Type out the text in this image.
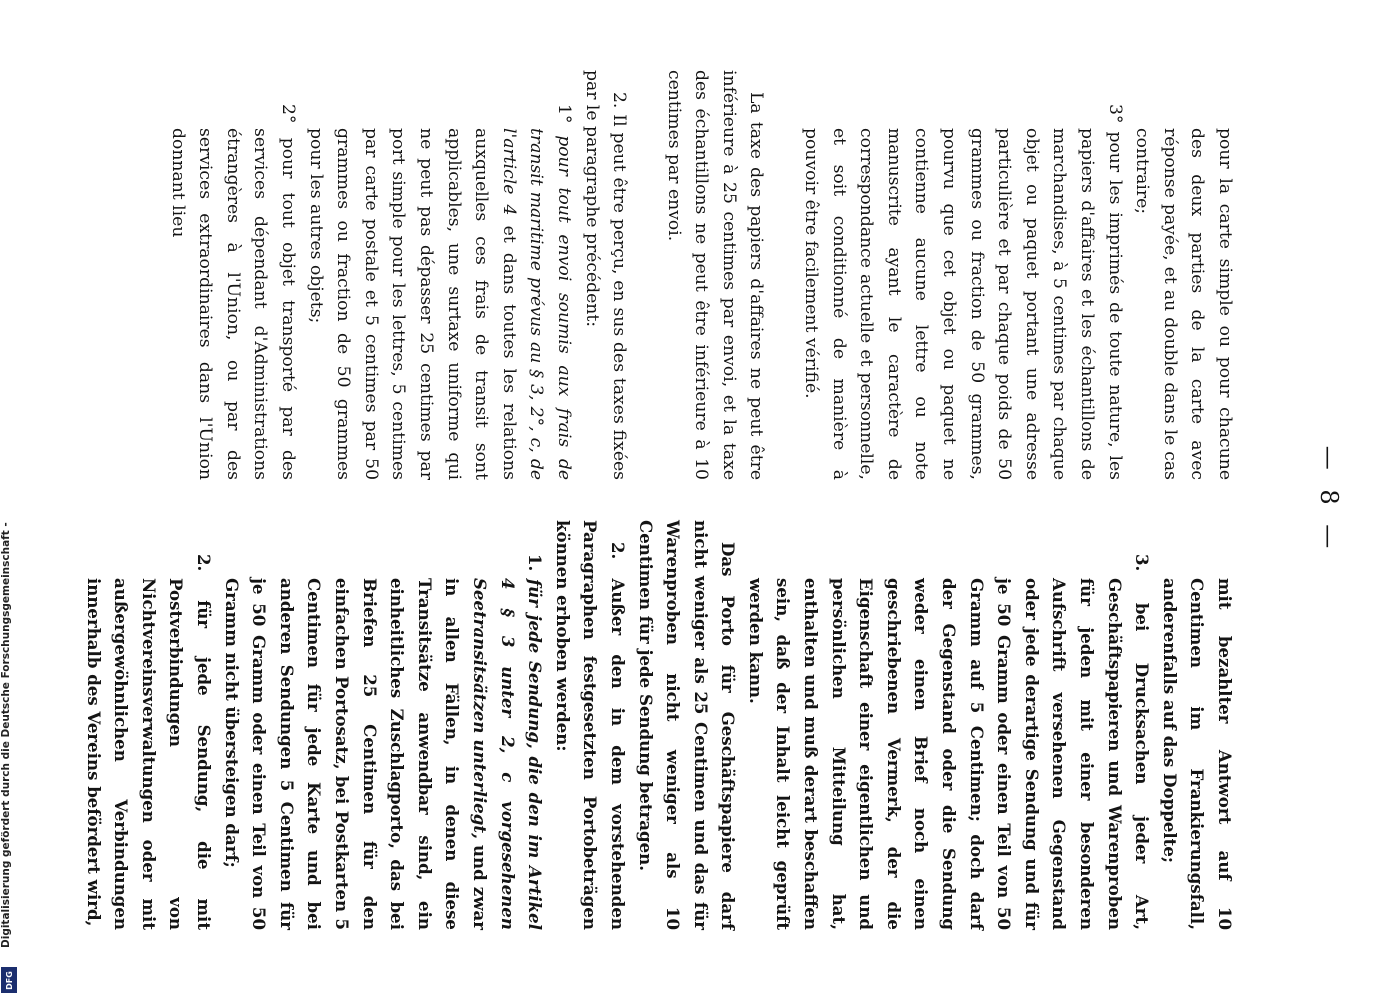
— 8 —

pour la carte simple ou pour chacune des deux parties de la carte avec réponse payée, et au double dans le cas contraire;

3° pour les imprimés de toute nature, les papiers d'affaires et les échantillons de marchandises, à 5 centimes par chaque objet ou paquet portant une adresse particulière et par chaque poids de 50 grammes ou fraction de 50 grammes, pourvu que cet objet ou paquet ne contienne aucune lettre ou note manuscrite ayant le caractère de correspondance actuelle et personnelle, et soit conditionné de manière à pouvoir être facilement vérifié.

La taxe des papiers d'affaires ne peut être inférieure à 25 centimes par envoi, et la taxe des échantillons ne peut être inférieure à 10 centimes par envoi.

2. Il peut être perçu, en sus des taxes fixées par le paragraphe précédent:

1° pour tout envoi soumis aux frais de transit maritime prévus au § 3, 2°, c, de l'article 4 et dans toutes les relations auxquelles ces frais de transit sont applicables, une surtaxe uniforme qui ne peut pas dépasser 25 centimes par port simple pour les lettres, 5 centimes par carte postale et 5 centimes par 50 grammes ou fraction de 50 grammes pour les autres objets;

2° pour tout objet transporté par des services dépendant d'Administrations étrangères à l'Union, ou par des services extraordinaires dans l'Union donnant lieu

mit bezahlter Antwort auf 10 Centimen im Frankierungsfall, anderenfalls auf das Doppelte;

3. bei Drucksachen jeder Art, Geschäftspapieren und Warenproben für jeden mit einer besonderen Aufschrift versehenen Gegenstand oder jede derartige Sendung und für je 50 Gramm oder einen Teil von 50 Gramm auf 5 Centimen; doch darf der Gegenstand oder die Sendung weder einen Brief noch einen geschriebenen Vermerk, der die Eigenschaft einer eigentlichen und persönlichen Mitteilung hat, enthalten und muß derart beschaffen sein, daß der Inhalt leicht geprüft werden kann.

Das Porto für Geschäftspapiere darf nicht weniger als 25 Centimen und das für Warenproben nicht weniger als 10 Centimen für jede Sendung betragen.

2. Außer den in dem vorstehenden Paragraphen festgesetzten Portobeträgen können erhoben werden:

1. für jede Sendung, die den im Artikel 4 § 3 unter 2, c vorgesehenen Seetransitsätzen unterliegt, und zwar in allen Fällen, in denen diese Transitsätze anwendbar sind, ein einheitliches Zuschlagporto, das bei Briefen 25 Centimen für den einfachen Portosatz, bei Postkarten 5 Centimen für jede Karte und bei anderen Sendungen 5 Centimen für je 50 Gramm oder einen Teil von 50 Gramm nicht übersteigen darf;

2. für jede Sendung, die mit Postverbindungen von Nichtvereinsverwaltungen oder mit außergewöhnlichen Verbindungen innerhalb des Vereins befördert wird,

Digitalisierung gefördert durch die Deutsche Forschungsgemeinschaft -
DFG
